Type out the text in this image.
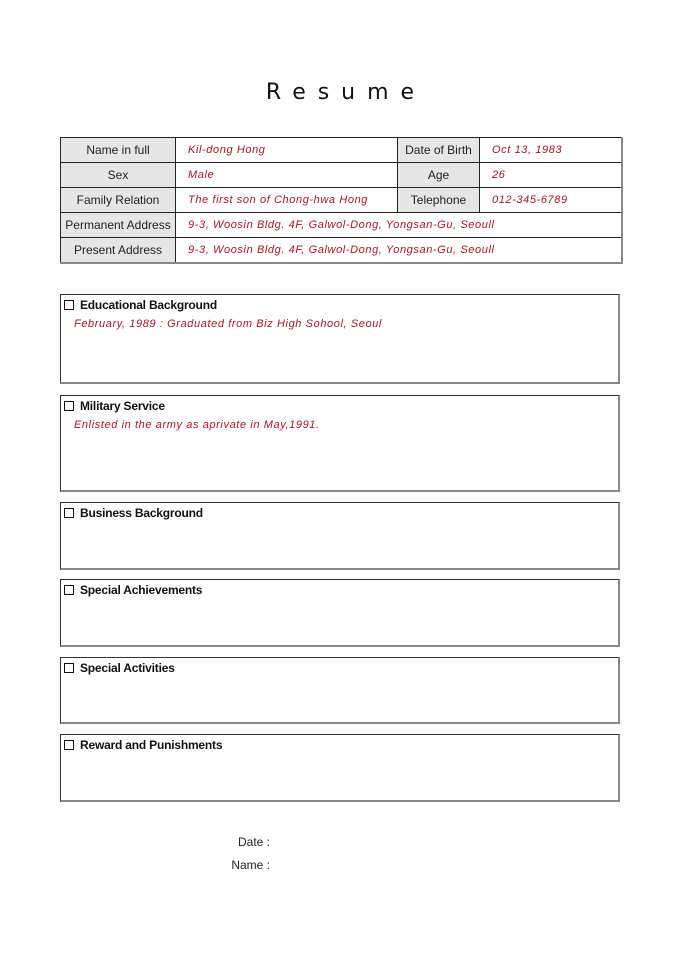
Resume
Name in full	Kil-dong Hong	Date of Birth	Oct 13, 1983
Sex	Male	Age	26
Family Relation	The first son of Chong-hwa Hong	Telephone	012-345-6789
Permanent Address	9-3, Woosin Bldg. 4F, Galwol-Dong, Yongsan-Gu, Seoull		
Present Address	9-3, Woosin Bldg. 4F, Galwol-Dong, Yongsan-Gu, Seoull		
Educational Background
February, 1989 : Graduated from Biz High Sohool, Seoul
Military Service
Enlisted in the army as aprivate in May,1991.
Business Background
Special Achievements
Special Activities
Reward and Punishments
Date :
Name :
